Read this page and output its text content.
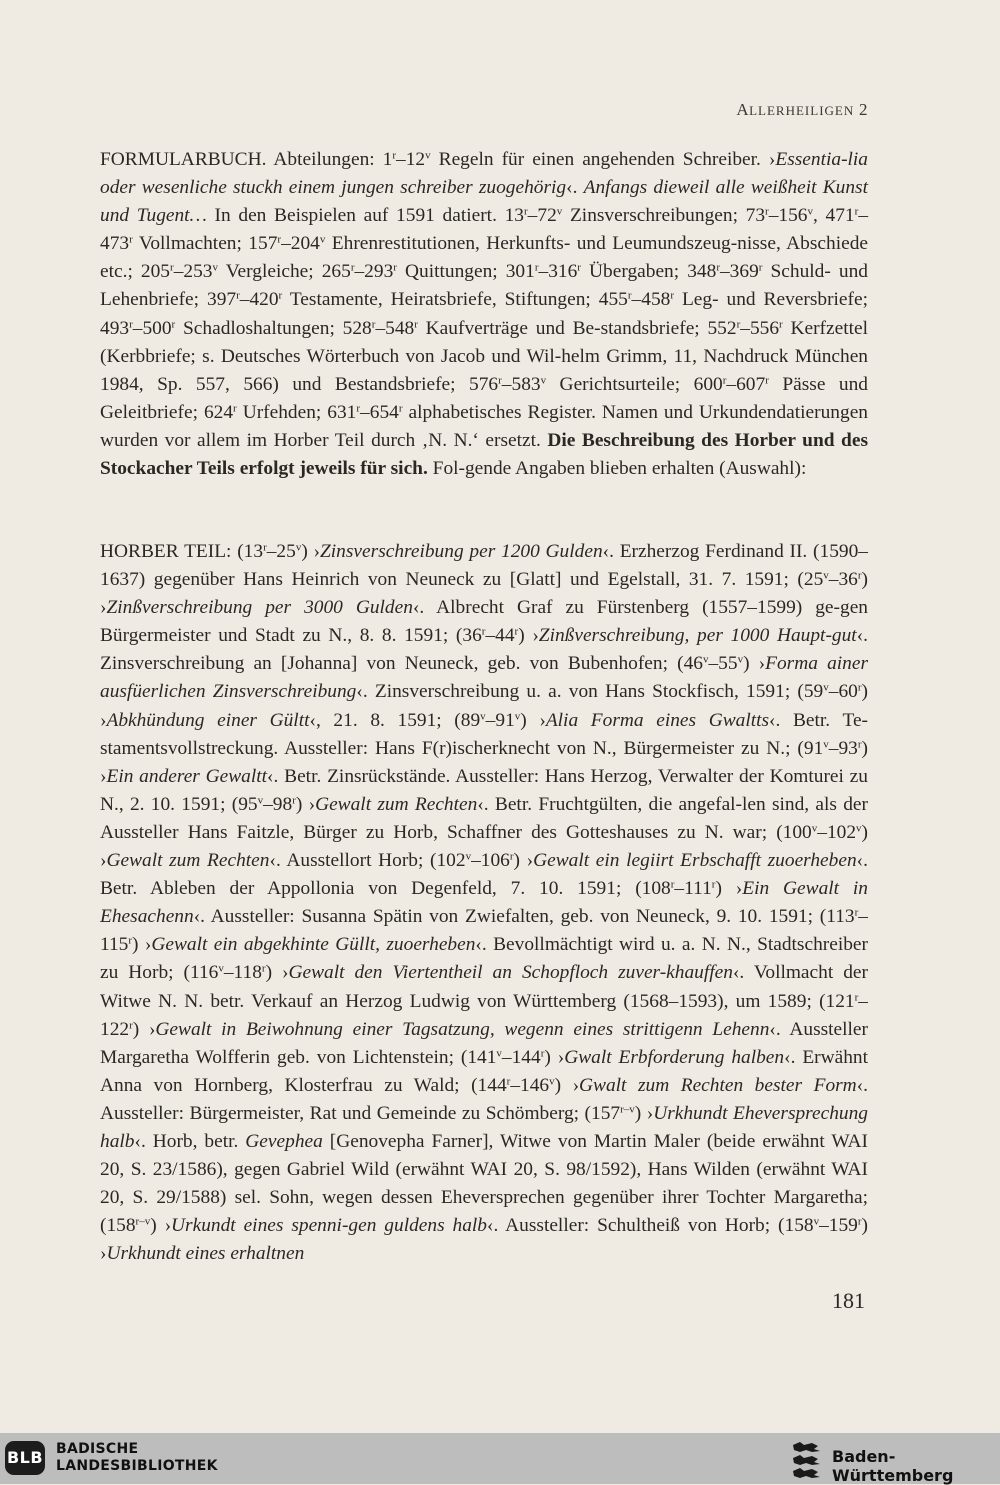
ALLERHEILIGEN 2

FORMULARBUCH. Abteilungen: 1$^r$–12$^v$ Regeln für einen angehenden Schreiber. ›Essentia-lia oder wesenliche stuckh einem jungen schreiber zuogehörig‹. Anfangs dieweil alle weißheit Kunst und Tugent… In den Beispielen auf 1591 datiert. 13$^r$–72$^v$ Zinsverschreibungen; 73$^r$–156$^v$, 471$^r$–473$^r$ Vollmachten; 157$^r$–204$^v$ Ehrenrestitutionen, Herkunfts- und Leumundszeug-nisse, Abschiede etc.; 205$^r$–253$^v$ Vergleiche; 265$^r$–293$^r$ Quittungen; 301$^r$–316$^r$ Übergaben; 348$^r$–369$^r$ Schuld- und Lehenbriefe; 397$^r$–420$^r$ Testamente, Heiratsbriefe, Stiftungen; 455$^r$–458$^r$ Leg- und Reversbriefe; 493$^r$–500$^r$ Schadloshaltungen; 528$^r$–548$^r$ Kaufverträge und Be-standsbriefe; 552$^r$–556$^r$ Kerfzettel (Kerbbriefe; s. Deutsches Wörterbuch von Jacob und Wil-helm Grimm, 11, Nachdruck München 1984, Sp. 557, 566) und Bestandsbriefe; 576$^r$–583$^v$ Gerichtsurteile; 600$^r$–607$^r$ Pässe und Geleitbriefe; 624$^r$ Urfehden; 631$^r$–654$^r$ alphabetisches Register. Namen und Urkundendatierungen wurden vor allem im Horber Teil durch ‚N. N.‘ ersetzt. Die Beschreibung des Horber und des Stockacher Teils erfolgt jeweils für sich. Fol-gende Angaben blieben erhalten (Auswahl):

HORBER TEIL: (13$^r$–25$^v$) ›Zinsverschreibung per 1200 Gulden‹. Erzherzog Ferdinand II. (1590–1637) gegenüber Hans Heinrich von Neuneck zu [Glatt] und Egelstall, 31. 7. 1591; (25$^v$–36$^r$) ›Zinßverschreibung per 3000 Gulden‹. Albrecht Graf zu Fürstenberg (1557–1599) ge-gen Bürgermeister und Stadt zu N., 8. 8. 1591; (36$^r$–44$^r$) ›Zinßverschreibung, per 1000 Haupt-gut‹. Zinsverschreibung an [Johanna] von Neuneck, geb. von Bubenhofen; (46$^v$–55$^v$) ›Forma ainer ausfüerlichen Zinsverschreibung‹. Zinsverschreibung u. a. von Hans Stockfisch, 1591; (59$^v$–60$^r$) ›Abkhündung einer Gültt‹, 21. 8. 1591; (89$^v$–91$^v$) ›Alia Forma eines Gwaltts‹. Betr. Te-stamentsvollstreckung. Aussteller: Hans F(r)ischerknecht von N., Bürgermeister zu N.; (91$^v$–93$^r$) ›Ein anderer Gewaltt‹. Betr. Zinsrückstände. Aussteller: Hans Herzog, Verwalter der Komturei zu N., 2. 10. 1591; (95$^v$–98$^r$) ›Gewalt zum Rechten‹. Betr. Fruchtgülten, die angefal-len sind, als der Aussteller Hans Faitzle, Bürger zu Horb, Schaffner des Gotteshauses zu N. war; (100$^v$–102$^v$) ›Gewalt zum Rechten‹. Ausstellort Horb; (102$^v$–106$^r$) ›Gewalt ein legiirt Erbschafft zuoerheben‹. Betr. Ableben der Appollonia von Degenfeld, 7. 10. 1591; (108$^r$–111$^r$) ›Ein Gewalt in Ehesachenn‹. Aussteller: Susanna Spätin von Zwiefalten, geb. von Neuneck, 9. 10. 1591; (113$^r$–115$^r$) ›Gewalt ein abgekhinte Güllt, zuoerheben‹. Bevollmächtigt wird u. a. N. N., Stadtschreiber zu Horb; (116$^v$–118$^r$) ›Gewalt den Viertentheil an Schopfloch zuver-khauffen‹. Vollmacht der Witwe N. N. betr. Verkauf an Herzog Ludwig von Württemberg (1568–1593), um 1589; (121$^r$–122$^r$) ›Gewalt in Beiwohnung einer Tagsatzung, wegenn eines strittigenn Lehenn‹. Aussteller Margaretha Wolfferin geb. von Lichtenstein; (141$^v$–144$^r$) ›Gwalt Erbforderung halben‹. Erwähnt Anna von Hornberg, Klosterfrau zu Wald; (144$^r$–146$^v$) ›Gwalt zum Rechten bester Form‹. Aussteller: Bürgermeister, Rat und Gemeinde zu Schömberg; (157$^{r-v}$) ›Urkhundt Eheversprechung halb‹. Horb, betr. Gevephea [Genovepha Farner], Witwe von Martin Maler (beide erwähnt WAI 20, S. 23/1586), gegen Gabriel Wild (erwähnt WAI 20, S. 98/1592), Hans Wilden (erwähnt WAI 20, S. 29/1588) sel. Sohn, wegen dessen Eheversprechen gegenüber ihrer Tochter Margaretha; (158$^{r-v}$) ›Urkundt eines spenni-gen guldens halb‹. Aussteller: Schultheiß von Horb; (158$^v$–159$^r$) ›Urkhundt eines erhaltnen

181
BLB BADISCHE
LANDESBIBLIOTHEK	Baden-Württemberg
